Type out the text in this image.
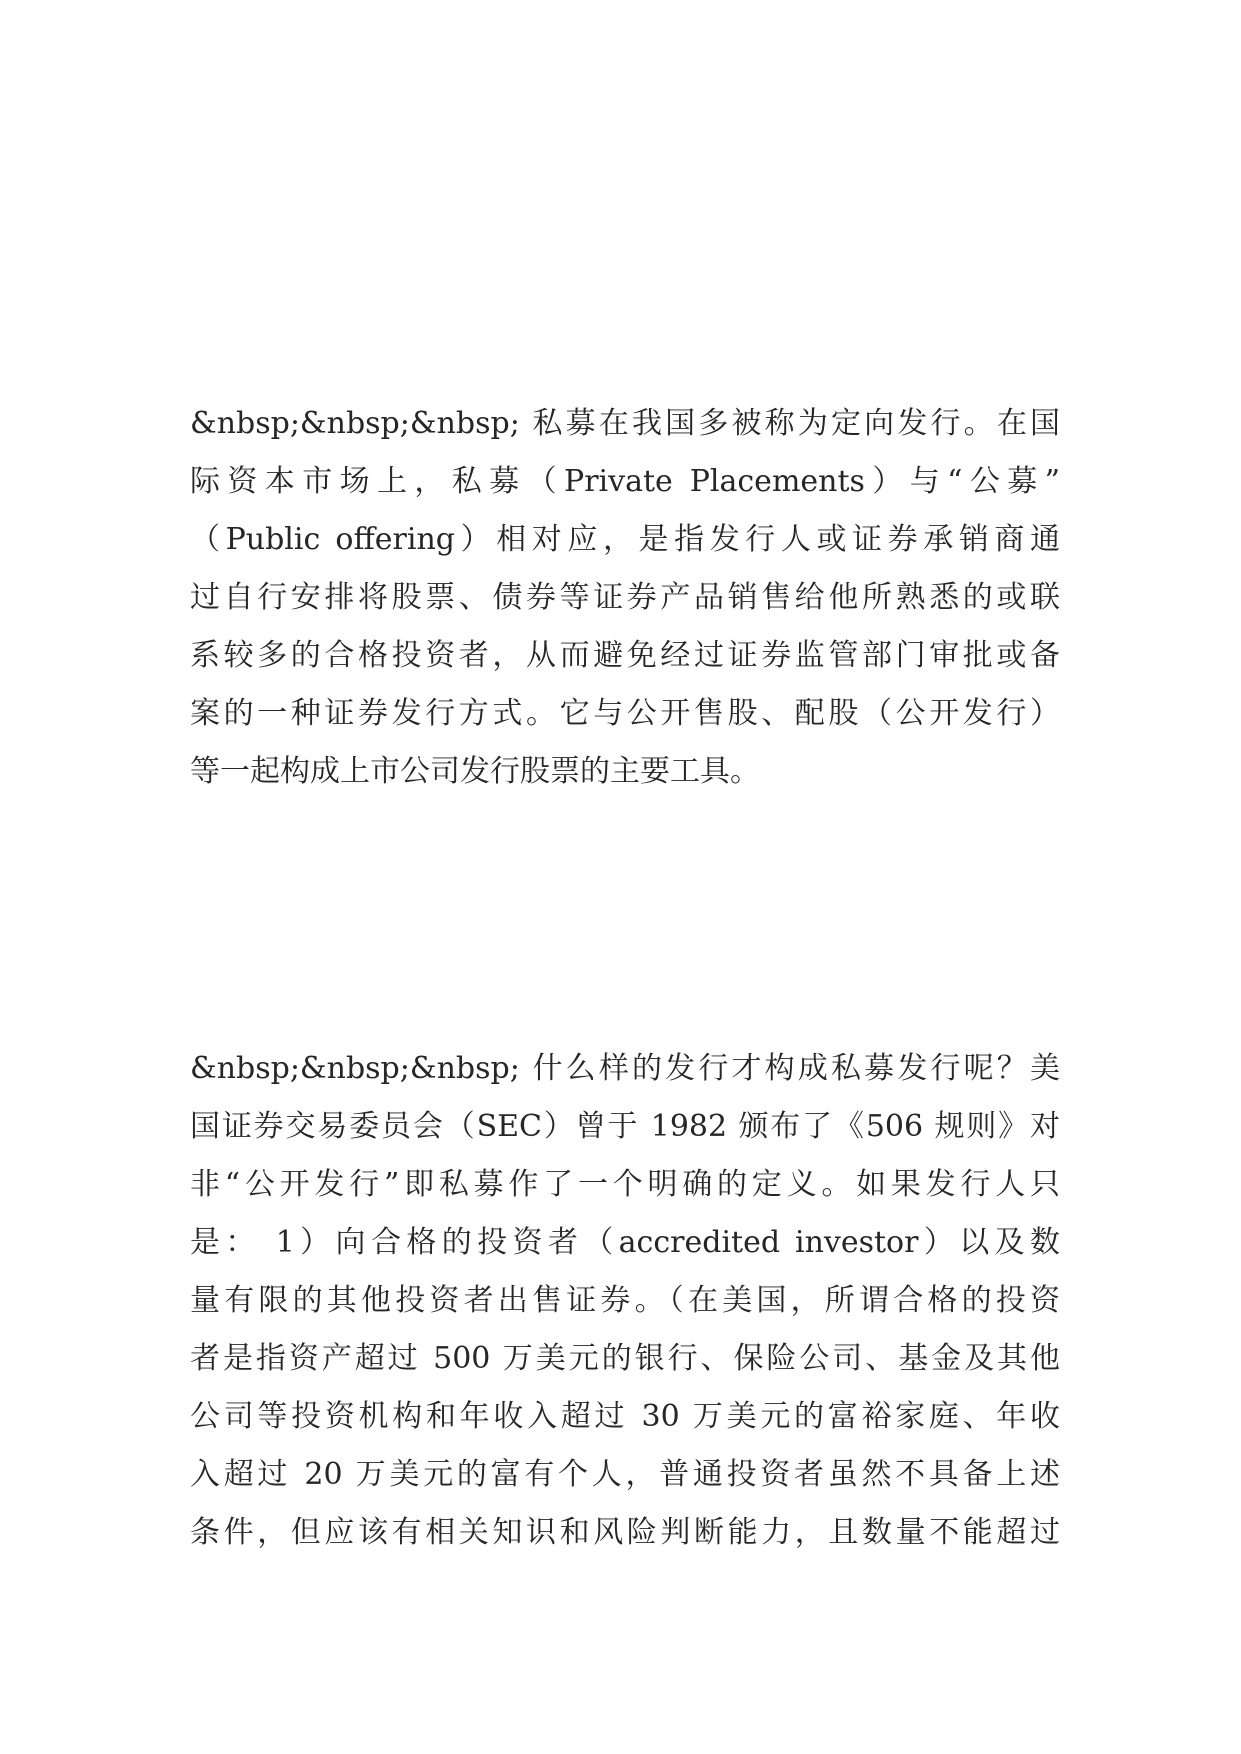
&nbsp;&nbsp;&nbsp; 私募在我国多被称为定向发行。在国
际资本市场上，私募（Private Placements）与“公募”
（Public offering）相对应，是指发行人或证券承销商通
过自行安排将股票、债券等证券产品销售给他所熟悉的或联
系较多的合格投资者，从而避免经过证券监管部门审批或备
案的一种证券发行方式。它与公开售股、配股（公开发行）
等一起构成上市公司发行股票的主要工具。
&nbsp;&nbsp;&nbsp; 什么样的发行才构成私募发行呢？美
国证券交易委员会（SEC）曾于 1982 颁布了《506 规则》对
非“公开发行”即私募作了一个明确的定义。如果发行人只
是： 1）向合格的投资者（accredited investor）以及数
量有限的其他投资者出售证券。（在美国，所谓合格的投资
者是指资产超过 500 万美元的银行、保险公司、基金及其他
公司等投资机构和年收入超过 30 万美元的富裕家庭、年收
入超过 20 万美元的富有个人，普通投资者虽然不具备上述
条件，但应该有相关知识和风险判断能力，且数量不能超过
